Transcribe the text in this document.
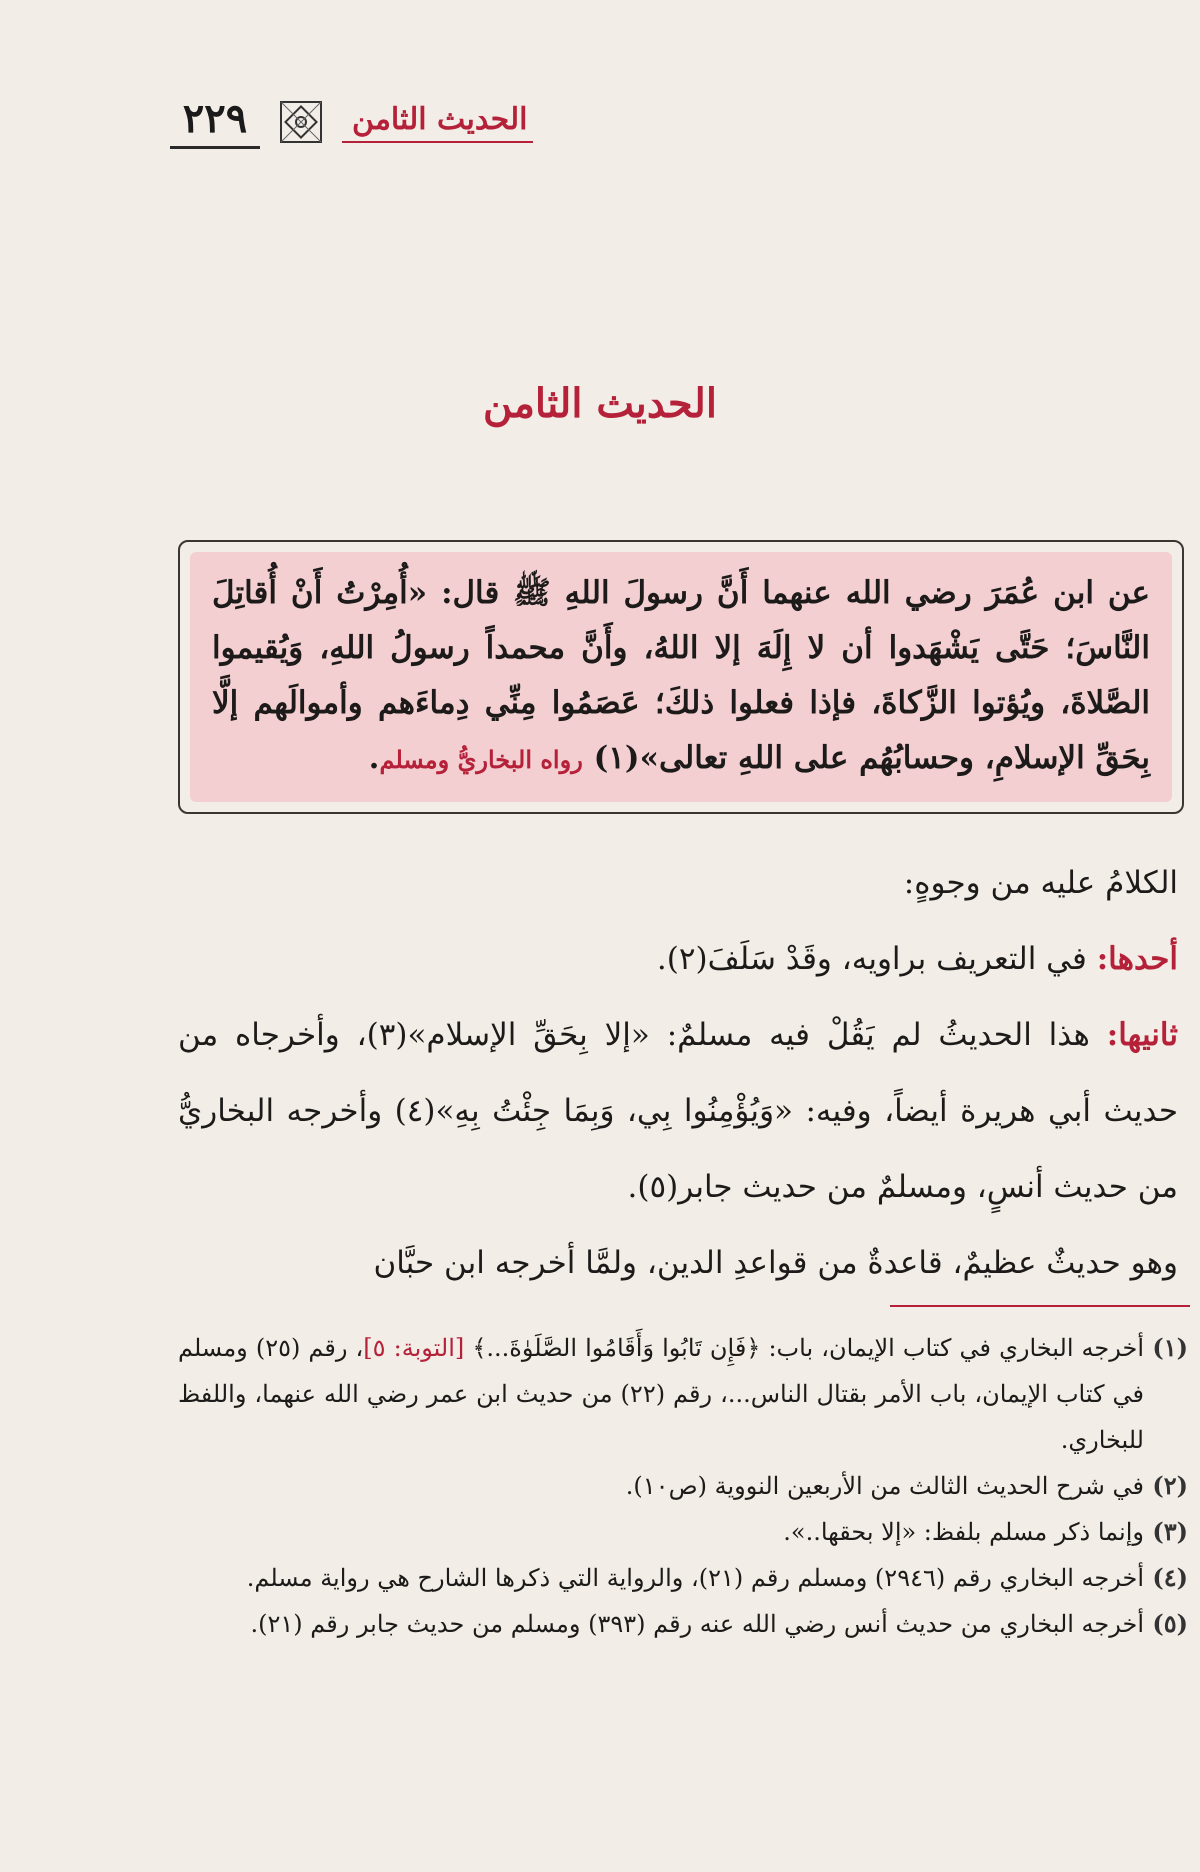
٢٢٩	الحديث الثامن
الحديث الثامن
عن ابن عُمَرَ رضي الله عنهما أَنَّ رسولَ اللهِ ﷺ قال: «أُمِرْتُ أَنْ أُقاتِلَ النَّاسَ؛ حَتَّى يَشْهَدوا أن لا إِلَهَ إلا اللهُ، وأَنَّ محمداً رسولُ اللهِ، وَيُقيموا الصَّلاةَ، ويُؤتوا الزَّكاةَ، فإذا فعلوا ذلكَ؛ عَصَمُوا مِنِّي دِماءَهم وأموالَهم إلَّا بِحَقِّ الإسلامِ، وحسابُهُم على اللهِ تعالى»(١) رواه البخاريُّ ومسلم.

الكلامُ عليه من وجوهٍ:

أحدها: في التعريف براويه، وقَدْ سَلَفَ(٢).

ثانيها: هذا الحديثُ لم يَقُلْ فيه مسلمٌ: «إلا بِحَقِّ الإسلام»(٣)، وأخرجاه من حديث أبي هريرة أيضاً، وفيه: «وَيُؤْمِنُوا بِي، وَبِمَا جِئْتُ بِهِ»(٤) وأخرجه البخاريُّ من حديث أنسٍ، ومسلمٌ من حديث جابر(٥).

وهو حديثٌ عظيمٌ، قاعدةٌ من قواعدِ الدين، ولمَّا أخرجه ابن حبَّان

(١)
أخرجه البخاري في كتاب الإيمان، باب: ﴿فَإِن تَابُوا وَأَقَامُوا الصَّلَوٰةَ...﴾ [التوبة: ٥]، رقم (٢٥) ومسلم في كتاب الإيمان، باب الأمر بقتال الناس...، رقم (٢٢) من حديث ابن عمر رضي الله عنهما، واللفظ للبخاري.
(٢)
في شرح الحديث الثالث من الأربعين النووية (ص١٠).
(٣)
وإنما ذكر مسلم بلفظ: «إلا بحقها..».
(٤)
أخرجه البخاري رقم (٢٩٤٦) ومسلم رقم (٢١)، والرواية التي ذكرها الشارح هي رواية مسلم.
(٥)
أخرجه البخاري من حديث أنس رضي الله عنه رقم (٣٩٣) ومسلم من حديث جابر رقم (٢١).
